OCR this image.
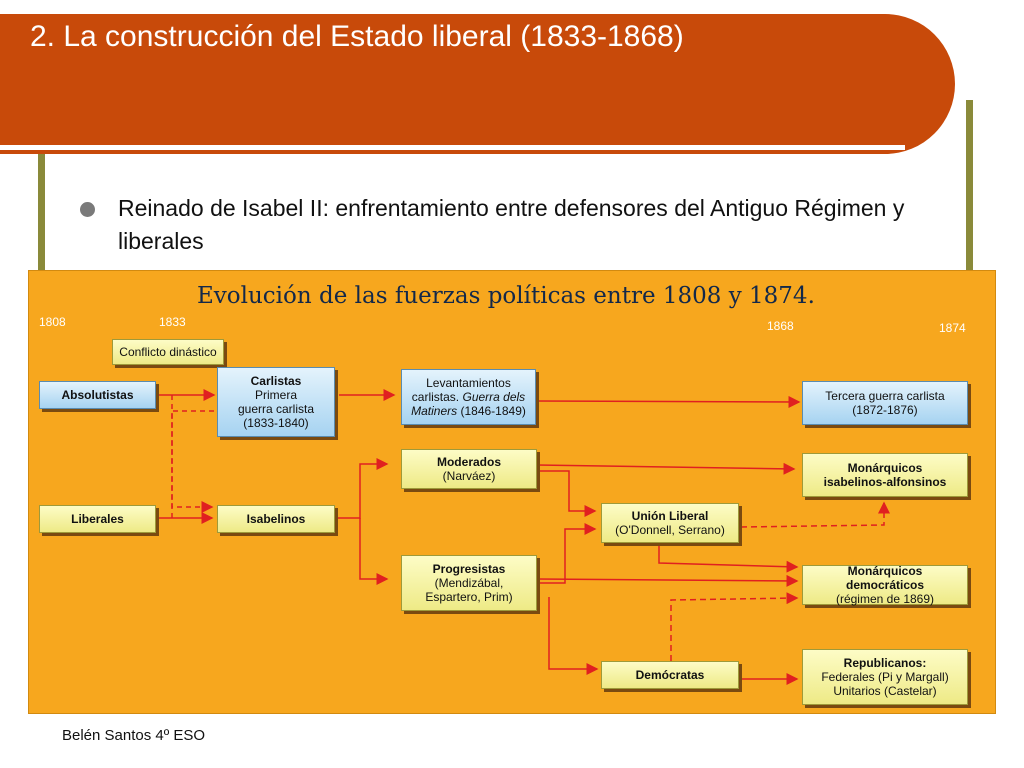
2. La construcción del Estado liberal (1833-1868)
Reinado de Isabel II: enfrentamiento entre defensores del Antiguo Régimen y liberales
Evolución de las fuerzas políticas entre 1808 y 1874.
1808	1833	1868	1874
Conflicto dinástico
Absolutistas
Liberales
Carlistas
Primera
guerra carlista
(1833-1840)
Isabelinos
Levantamientos
carlistas. Guerra dels
Matiners (1846-1849)
Moderados
(Narváez)
Progresistas
(Mendizábal,
Espartero, Prim)
Unión Liberal
(O'Donnell, Serrano)
Demócratas
Tercera guerra carlista
(1872-1876)
Monárquicos
isabelinos-alfonsinos
Monárquicos democráticos
(régimen de 1869)
Republicanos:
Federales (Pi y Margall)
Unitarios (Castelar)
Belén Santos 4º ESO
